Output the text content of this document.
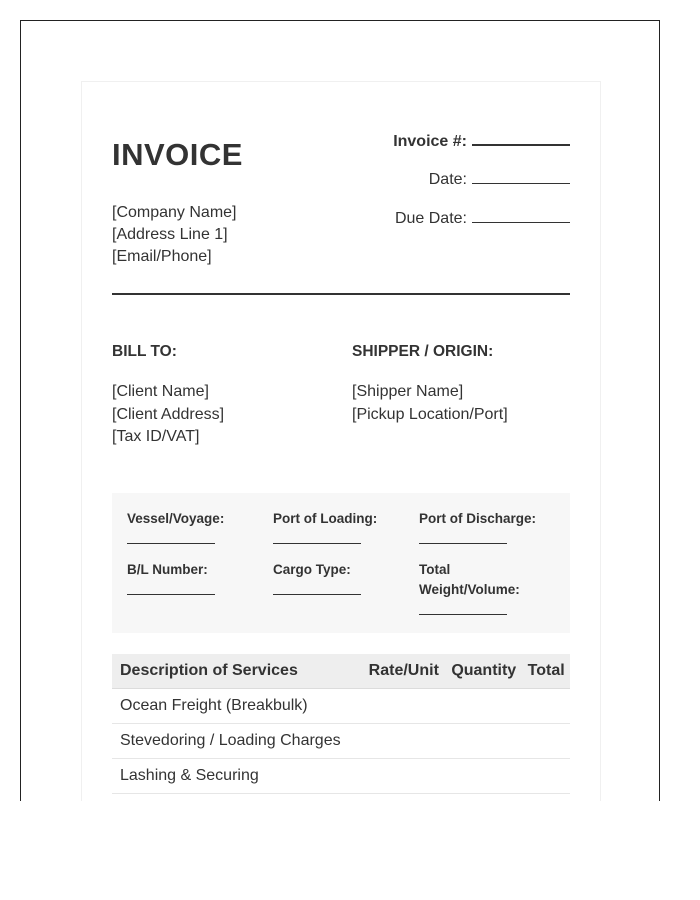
INVOICE
[Company Name]
[Address Line 1]
[Email/Phone]
Invoice #:
Date:
Due Date:
BILL TO:
[Client Name]
[Client Address]
[Tax ID/VAT]
SHIPPER / ORIGIN:
[Shipper Name]
[Pickup Location/Port]
Vessel/Voyage:	Port of Loading:	Port of Discharge:
B/L Number:	Cargo Type:	Total
Weight/Volume:
Description of Services	Rate/Unit	Quantity	Total
Ocean Freight (Breakbulk)			
Stevedoring / Loading Charges			
Lashing & Securing			
